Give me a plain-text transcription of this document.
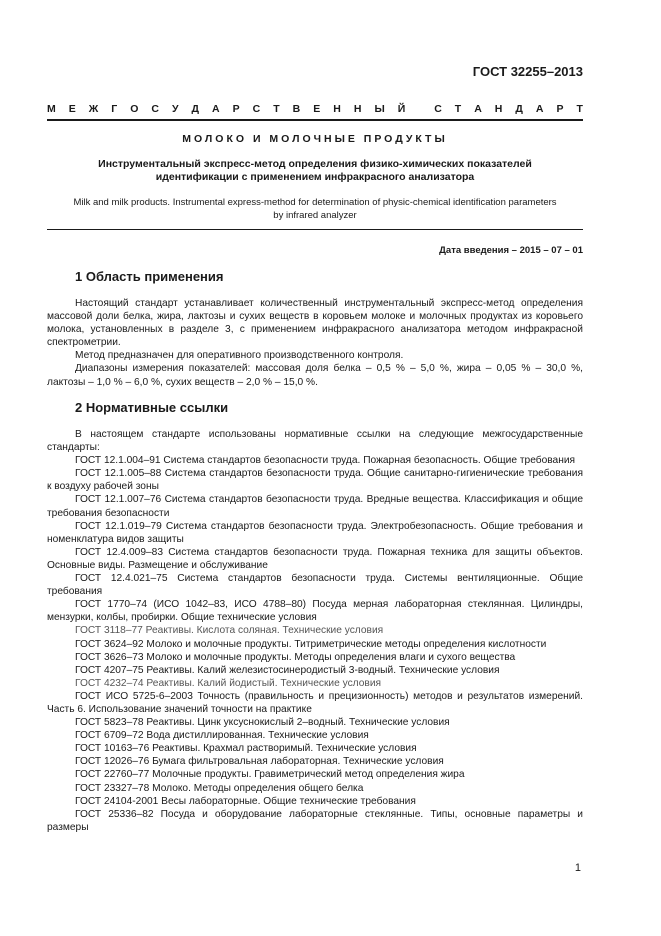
ГОСТ 32255–2013
М Е Ж Г О С У Д А Р С Т В Е Н Н Ы Й
	С Т А Н Д А Р Т
МОЛОКО И МОЛОЧНЫЕ ПРОДУКТЫ
Инструментальный экспресс-метод определения физико-химических показателей
идентификации с применением инфракрасного анализатора
Milk and milk products. Instrumental express-method for determination of physic-chemical identification parameters
by infrared analyzer
Дата введения – 2015 – 07 – 01
1 Область применения

Настоящий стандарт устанавливает количественный инструментальный экспресс-метод определения массовой доли белка, жира, лактозы и сухих веществ в коровьем молоке и молочных продуктах из коровьего молока, установленных в разделе 3, с применением инфракрасного анализатора методом инфракрасной спектрометрии.

Метод предназначен для оперативного производственного контроля.

Диапазоны измерения показателей: массовая доля белка – 0,5 % – 5,0 %, жира – 0,05 % – 30,0 %, лактозы – 1,0 % – 6,0 %, сухих веществ – 2,0 % – 15,0 %.

2 Нормативные ссылки

В настоящем стандарте использованы нормативные ссылки на следующие межгосударственные стандарты:

ГОСТ 12.1.004–91 Система стандартов безопасности труда. Пожарная безопасность. Общие требования

ГОСТ 12.1.005–88 Система стандартов безопасности труда. Общие санитарно-гигиенические требования к воздуху рабочей зоны

ГОСТ 12.1.007–76 Система стандартов безопасности труда. Вредные вещества. Классификация и общие требования безопасности

ГОСТ 12.1.019–79 Система стандартов безопасности труда. Электробезопасность. Общие требования и номенклатура видов защиты

ГОСТ 12.4.009–83 Система стандартов безопасности труда. Пожарная техника для защиты объектов. Основные виды. Размещение и обслуживание

ГОСТ 12.4.021–75 Система стандартов безопасности труда. Системы вентиляционные. Общие требования

ГОСТ 1770–74 (ИСО 1042–83, ИСО 4788–80) Посуда мерная лабораторная стеклянная. Цилиндры, мензурки, колбы, пробирки. Общие технические условия

ГОСТ 3118–77 Реактивы. Кислота соляная. Технические условия

ГОСТ 3624–92 Молоко и молочные продукты. Титриметрические методы определения кислотности

ГОСТ 3626–73 Молоко и молочные продукты. Методы определения влаги и сухого вещества

ГОСТ 4207–75 Реактивы. Калий железистосинеродистый 3-водный. Технические условия

ГОСТ 4232–74 Реактивы. Калий йодистый. Технические условия

ГОСТ ИСО 5725-6–2003 Точность (правильность и прецизионность) методов и результатов измерений. Часть 6. Использование значений точности на практике

ГОСТ 5823–78 Реактивы. Цинк уксуснокислый 2–водный. Технические условия

ГОСТ 6709–72 Вода дистиллированная. Технические условия

ГОСТ 10163–76 Реактивы. Крахмал растворимый. Технические условия

ГОСТ 12026–76 Бумага фильтровальная лабораторная. Технические условия

ГОСТ 22760–77 Молочные продукты. Гравиметрический метод определения жира

ГОСТ 23327–78 Молоко. Методы определения общего белка

ГОСТ 24104-2001 Весы лабораторные. Общие технические требования

ГОСТ 25336–82 Посуда и оборудование лабораторные стеклянные. Типы, основные параметры и размеры

1
